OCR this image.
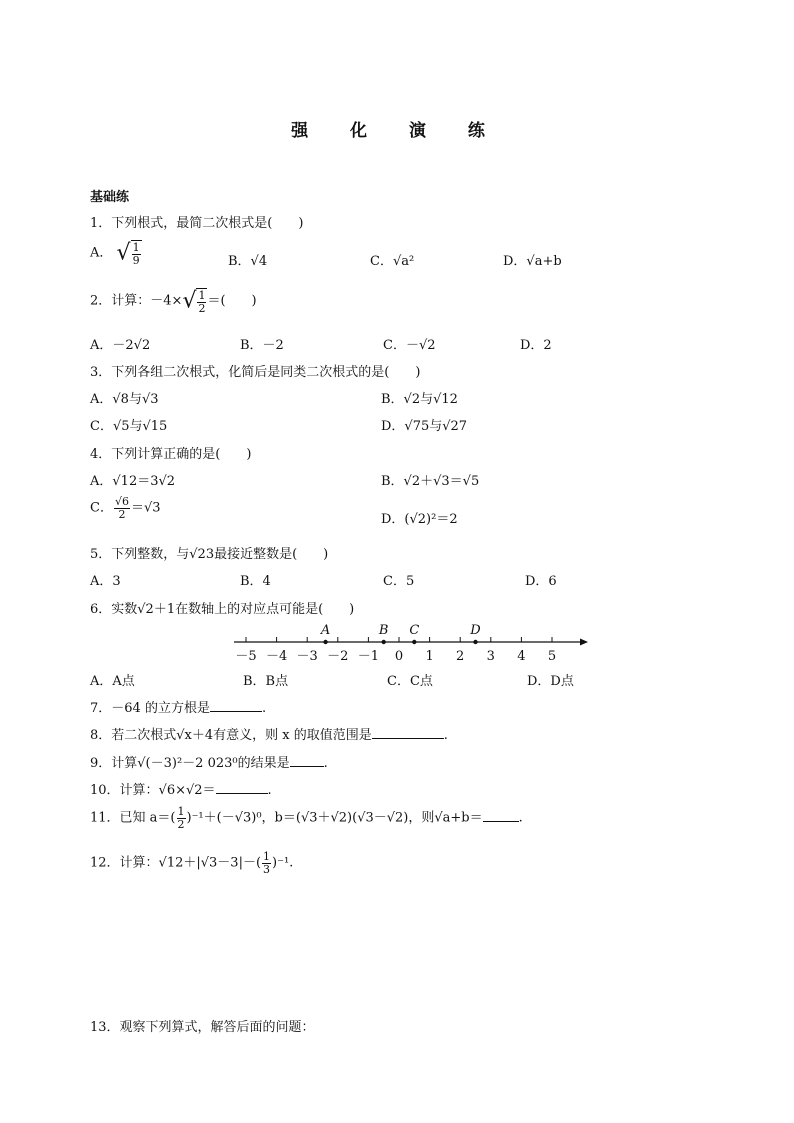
强 化 演 练
基础练
1．下列根式，最简二次根式是(　　)
A． √ $\frac{1}{9}$	B．√4	C．√a²	D．√a+b
2．计算：$-4\times√ \frac{1}{2}$ ＝(　　)
A．－2√2	B．－2	C．－√2	D．2
3．下列各组二次根式，化简后是同类二次根式的是(　　)
A．√8与√3	B．√2与√12
C．√5与√15	D．√75与√27
4．下列计算正确的是(　　)
A．√12＝3√2	B．√2＋√3＝√5
C． $\frac{√6}{2} =√3$
D．(√2)²＝2
5．下列整数，与√23最接近整数是(　　)
A．3	B．4	C．5	D．6
6．实数√2＋1在数轴上的对应点可能是(　　)
－5 －4 －3 －2 －1 0 1 2 3 4 5
A	B C	D
A．A点	B．B点	C．C点	D．D点
7．－64 的立方根是	.
8．若二次根式√x＋4有意义，则 x 的取值范围是	.
9．计算√(－3)²－2 023⁰的结果是	.
10．计算：√6×√2＝	.
11．已知 $a=( \frac{1}{2} )^{-1}+(-√3)^0$，b＝(√3＋√2)(√3－√2)，则√a+b＝	.
12．计算：$√12+|√3-3|-( \frac{1}{3} )^{-1}$.
13．观察下列算式，解答后面的问题：
